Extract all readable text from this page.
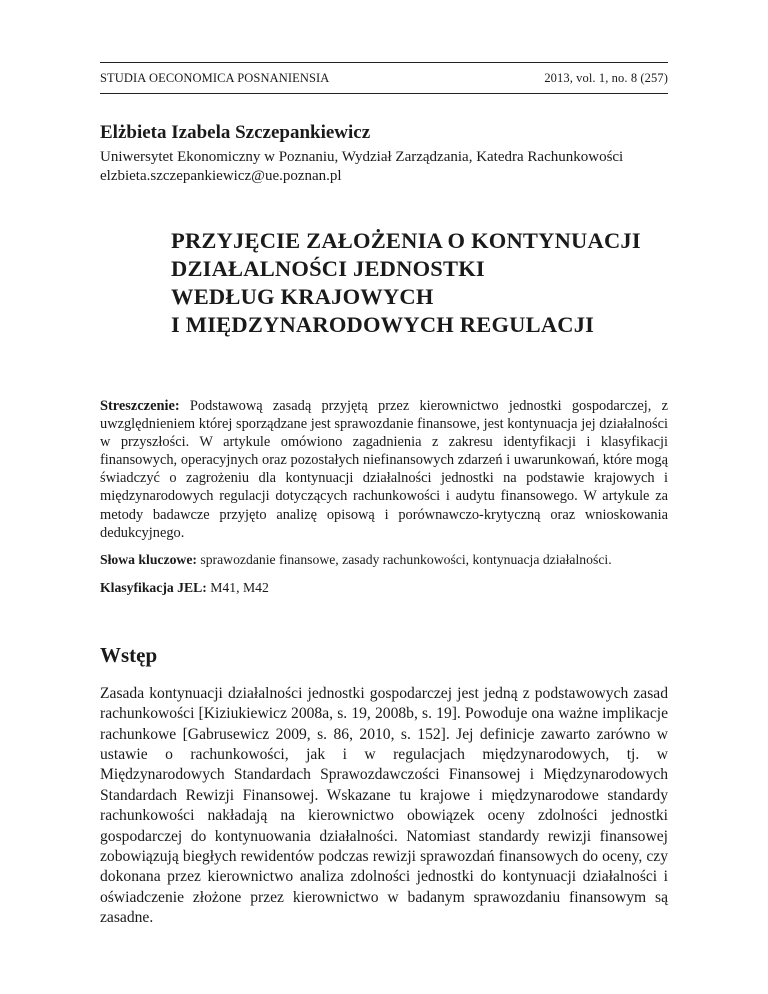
STUDIA OECONOMICA POSNANIENSIA	2013, vol. 1, no. 8 (257)
Elżbieta Izabela Szczepankiewicz
Uniwersytet Ekonomiczny w Poznaniu, Wydział Zarządzania, Katedra Rachunkowości
elzbieta.szczepankiewicz@ue.poznan.pl
PRZYJĘCIE ZAŁOŻENIA O KONTYNUACJI
DZIAŁALNOŚCI JEDNOSTKI
WEDŁUG KRAJOWYCH
I MIĘDZYNARODOWYCH REGULACJI
Streszczenie: Podstawową zasadą przyjętą przez kierownictwo jednostki gospodarczej, z uwzględnieniem której sporządzane jest sprawozdanie finansowe, jest kontynuacja jej działalności w przyszłości. W artykule omówiono zagadnienia z zakresu identyfikacji i klasyfikacji finansowych, operacyjnych oraz pozostałych niefinansowych zdarzeń i uwarunkowań, które mogą świadczyć o zagrożeniu dla kontynuacji działalności jednostki na podstawie krajowych i międzynarodowych regulacji dotyczących rachunkowości i audytu finansowego. W artykule za metody badawcze przyjęto analizę opisową i porównawczo-krytyczną oraz wnioskowania dedukcyjnego.
Słowa kluczowe: sprawozdanie finansowe, zasady rachunkowości, kontynuacja działalności.
Klasyfikacja JEL: M41, M42
Wstęp
Zasada kontynuacji działalności jednostki gospodarczej jest jedną z podstawowych zasad rachunkowości [Kiziukiewicz 2008a, s. 19, 2008b, s. 19]. Powoduje ona ważne implikacje rachunkowe [Gabrusewicz 2009, s. 86, 2010, s. 152]. Jej definicje zawarto zarówno w ustawie o rachunkowości, jak i w regulacjach międzynarodowych, tj. w Międzynarodowych Standardach Sprawozdawczości Finansowej i Międzynarodowych Standardach Rewizji Finansowej. Wskazane tu krajowe i międzynarodowe standardy rachunkowości nakładają na kierownictwo obowiązek oceny zdolności jednostki gospodarczej do kontynuowania działalności. Natomiast standardy rewizji finansowej zobowiązują biegłych rewidentów podczas rewizji sprawozdań finansowych do oceny, czy dokonana przez kierownictwo analiza zdolności jednostki do kontynuacji działalności i oświadczenie złożone przez kierownictwo w badanym sprawozdaniu finansowym są zasadne.
